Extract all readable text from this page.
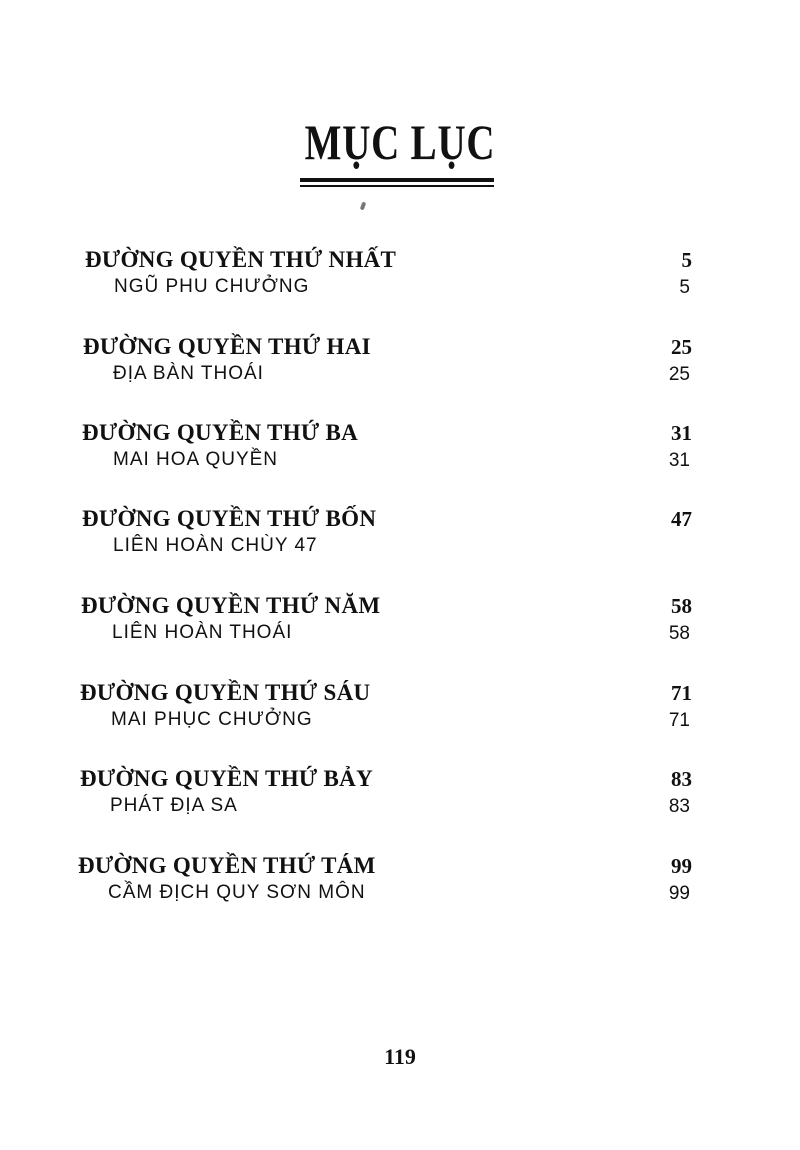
MỤC LỤC
ĐƯỜNG QUYỀN THỨ NHẤT	5
NGŨ PHU CHƯỞNG	5
ĐƯỜNG QUYỀN THỨ HAI	25
ĐỊA BÀN THOÁI	25
ĐƯỜNG QUYỀN THỨ BA	31
MAI HOA QUYỀN	31
ĐƯỜNG QUYỀN THỨ BỐN	47
LIÊN HOÀN CHÙY 47
ĐƯỜNG QUYỀN THỨ NĂM	58
LIÊN HOÀN THOÁI	58
ĐƯỜNG QUYỀN THỨ SÁU	71
MAI PHỤC CHƯỞNG	71
ĐƯỜNG QUYỀN THỨ BẢY	83
PHÁT ĐỊA SA	83
ĐƯỜNG QUYỀN THỨ TÁM	99
CẦM ĐỊCH QUY SƠN MÔN	99
119
